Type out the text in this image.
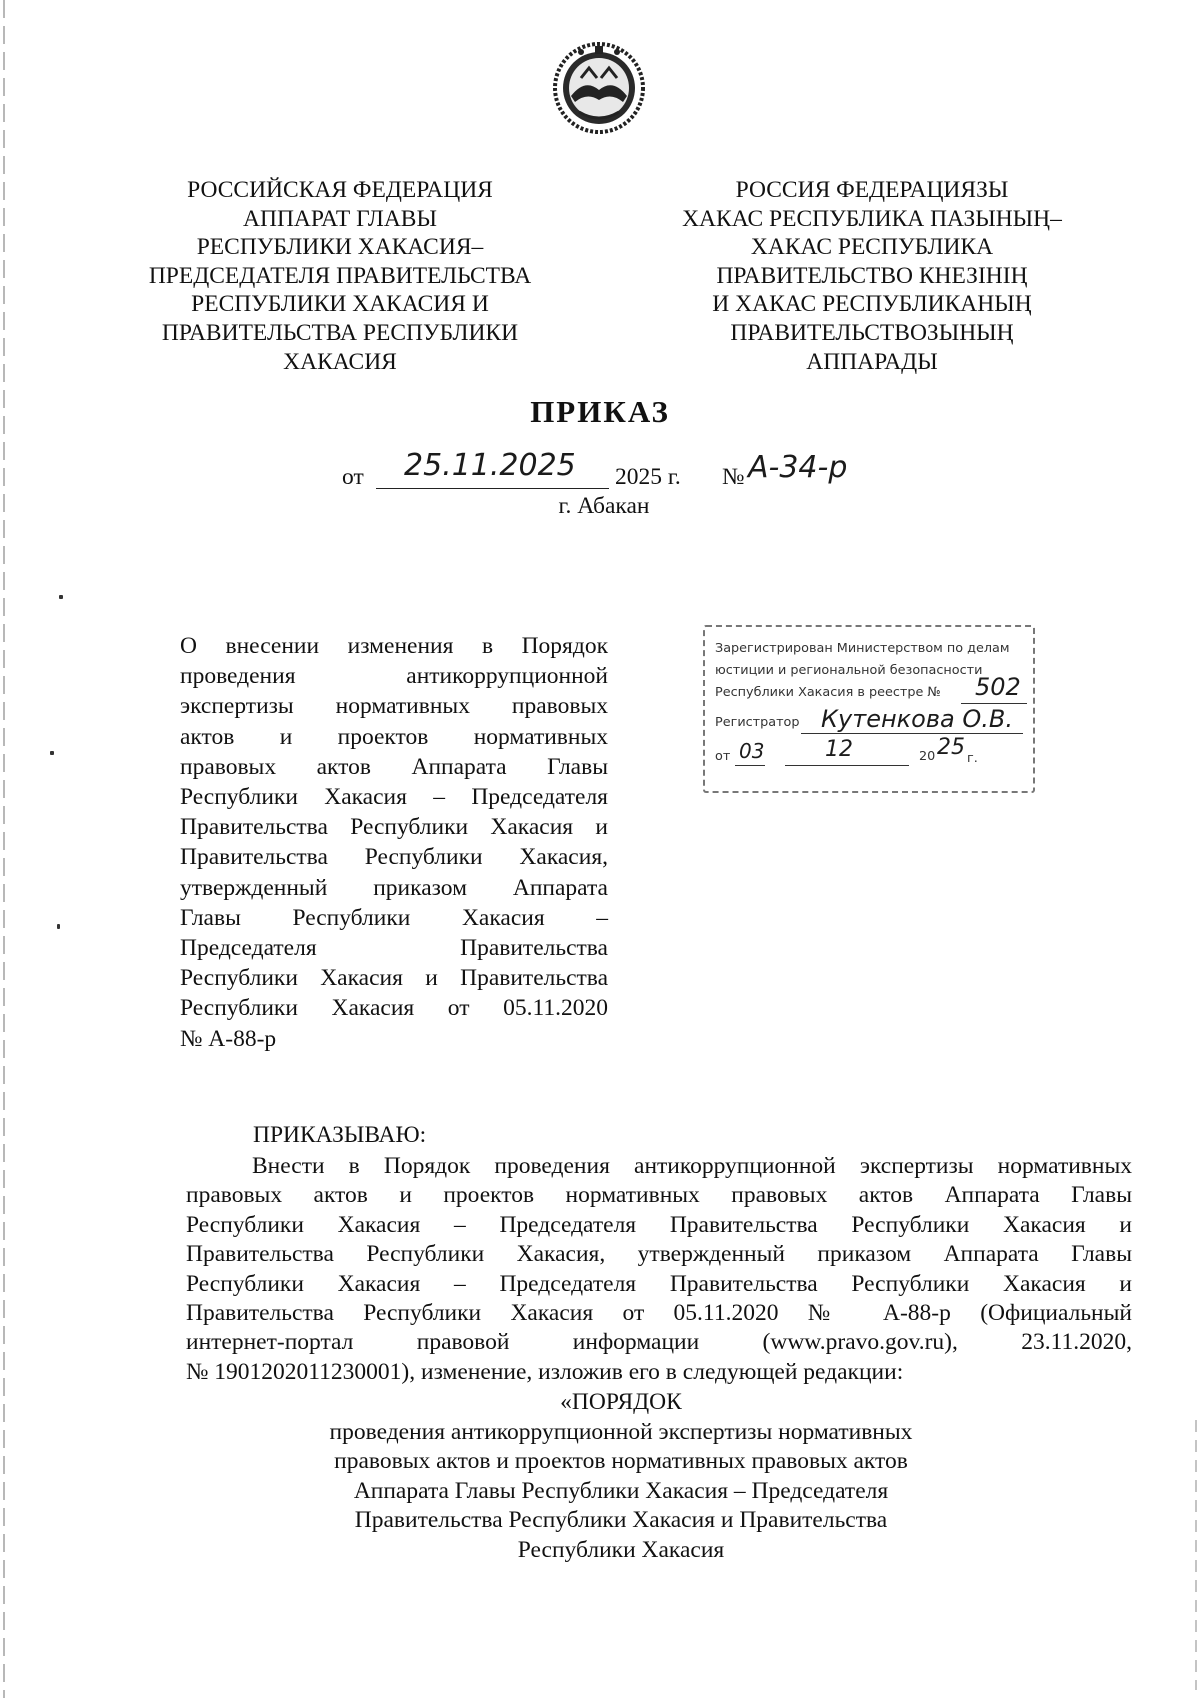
РОССИЙСКАЯ ФЕДЕРАЦИЯ
АППАРАТ ГЛАВЫ
РЕСПУБЛИКИ ХАКАСИЯ–
ПРЕДСЕДАТЕЛЯ ПРАВИТЕЛЬСТВА
РЕСПУБЛИКИ ХАКАСИЯ И
ПРАВИТЕЛЬСТВА РЕСПУБЛИКИ
ХАКАСИЯ
РОССИЯ ФЕДЕРАЦИЯЗЫ
ХАКАС РЕСПУБЛИКА ПАЗЫНЫҢ–
ХАКАС РЕСПУБЛИКА
ПРАВИТЕЛЬСТВО КНЕЗIНIҢ
И ХАКАС РЕСПУБЛИКАНЫҢ
ПРАВИТЕЛЬСТВОЗЫНЫҢ
АППАРАДЫ
ПРИКАЗ
от 25.11.2025 2025 г. № А-34-р
г. Абакан
О внесении изменения в Порядок
проведения антикоррупционной
экспертизы нормативных правовых
актов и проектов нормативных
правовых актов Аппарата Главы
Республики Хакасия – Председателя
Правительства Республики Хакасия и
Правительства Республики Хакасия,
утвержденный приказом Аппарата
Главы Республики Хакасия –
Председателя Правительства
Республики Хакасия и Правительства
Республики Хакасия от 05.11.2020
№ А-88-р
Зарегистрирован Министерством по делам
юстиции и региональной безопасности
Республики Хакасия в реестре № 502
Регистратор Кутенкова О.В.
от 03	12	20 25 г.
ПРИКАЗЫВАЮ:
Внести в Порядок проведения антикоррупционной экспертизы нормативных
правовых актов и проектов нормативных правовых актов Аппарата Главы
Республики Хакасия – Председателя Правительства Республики Хакасия и
Правительства Республики Хакасия, утвержденный приказом Аппарата Главы
Республики Хакасия – Председателя Правительства Республики Хакасия и
Правительства Республики Хакасия от 05.11.2020 № А-88-р (Официальный
интернет-портал правовой информации (www.pravo.gov.ru), 23.11.2020,
№ 1901202011230001), изменение, изложив его в следующей редакции:
«ПОРЯДОК
проведения антикоррупционной экспертизы нормативных
правовых актов и проектов нормативных правовых актов
Аппарата Главы Республики Хакасия – Председателя
Правительства Республики Хакасия и Правительства
Республики Хакасия
